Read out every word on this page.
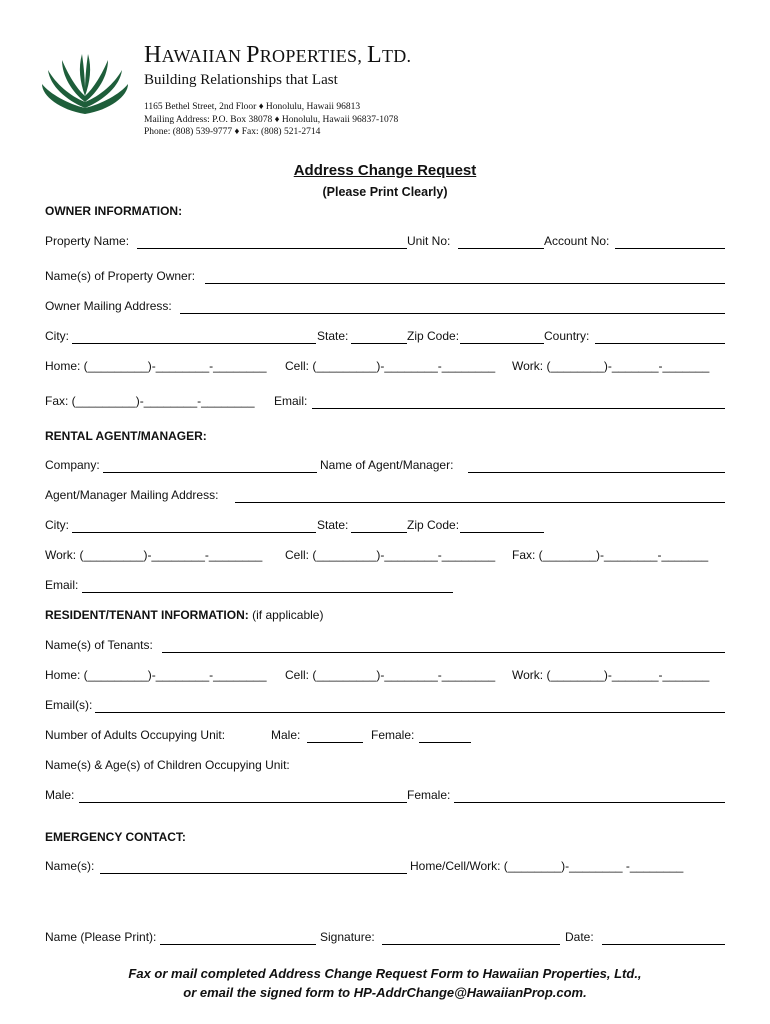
HAWAIIAN PROPERTIES, LTD.
Building Relationships that Last
1165 Bethel Street, 2nd Floor ♦ Honolulu, Hawaii 96813
Mailing Address: P.O. Box 38078 ♦ Honolulu, Hawaii 96837-1078
Phone: (808) 539-9777 ♦ Fax: (808) 521-2714
Address Change Request
(Please Print Clearly)
OWNER INFORMATION:
Property Name:	Unit No:	Account No:
Name(s) of Property Owner:
Owner Mailing Address:
City:	State:	Zip Code:	Country:
Home: (_________)-________-________ Cell: (_________)-________-________ Work: (________)-_______-_______
Fax: (_________)-________-________ Email:
RENTAL AGENT/MANAGER:
Company:	Name of Agent/Manager:
Agent/Manager Mailing Address:
City:	State:	Zip Code:
Work: (_________)-________-________ Cell: (_________)-________-________ Fax: (________)-________-_______
Email:
RESIDENT/TENANT INFORMATION: (if applicable)
Name(s) of Tenants:
Home: (_________)-________-________ Cell: (_________)-________-________ Work: (________)-_______-_______
Email(s):
Number of Adults Occupying Unit:	Male:	Female:
Name(s) & Age(s) of Children Occupying Unit:
Male:	Female:
EMERGENCY CONTACT:
Name(s):	Home/Cell/Work: (________)-________ -________
Name (Please Print):	Signature:	Date:
Fax or mail completed Address Change Request Form to Hawaiian Properties, Ltd.,
or email the signed form to HP-AddrChange@HawaiianProp.com.
